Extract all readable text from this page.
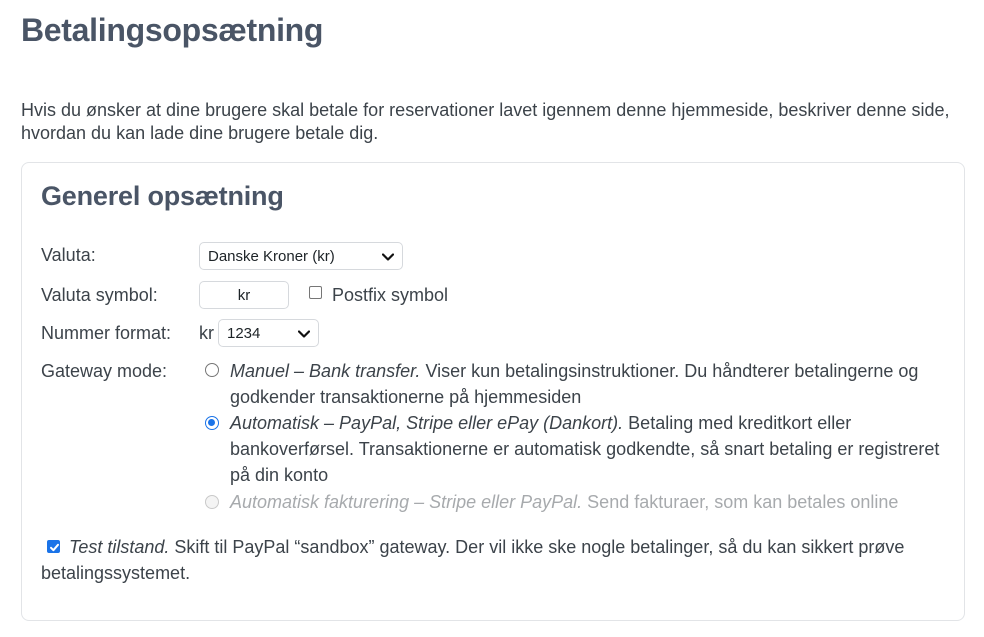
Betalingsopsætning

Hvis du ønsker at dine brugere skal betale for reservationer lavet igennem denne hjemmeside, beskriver denne side, hvordan du kan lade dine brugere betale dig.

Generel opsætning
Valuta:	Danske Kroner (kr)
Valuta symbol:
kr	Postfix symbol
Nummer format: kr 1234
Gateway mode:	Manuel – Bank transfer. Viser kun betalingsinstruktioner. Du håndterer betalingerne og godkender transaktionerne på hjemmesiden
Automatisk – PayPal, Stripe eller ePay (Dankort). Betaling med kreditkort eller bankoverførsel. Transaktionerne er automatisk godkendte, så snart betaling er registreret på din konto
Automatisk fakturering – Stripe eller PayPal. Send fakturaer, som kan betales online
Test tilstand. Skift til PayPal “sandbox” gateway. Der vil ikke ske nogle betalinger, så du kan sikkert prøve betalingssystemet.
